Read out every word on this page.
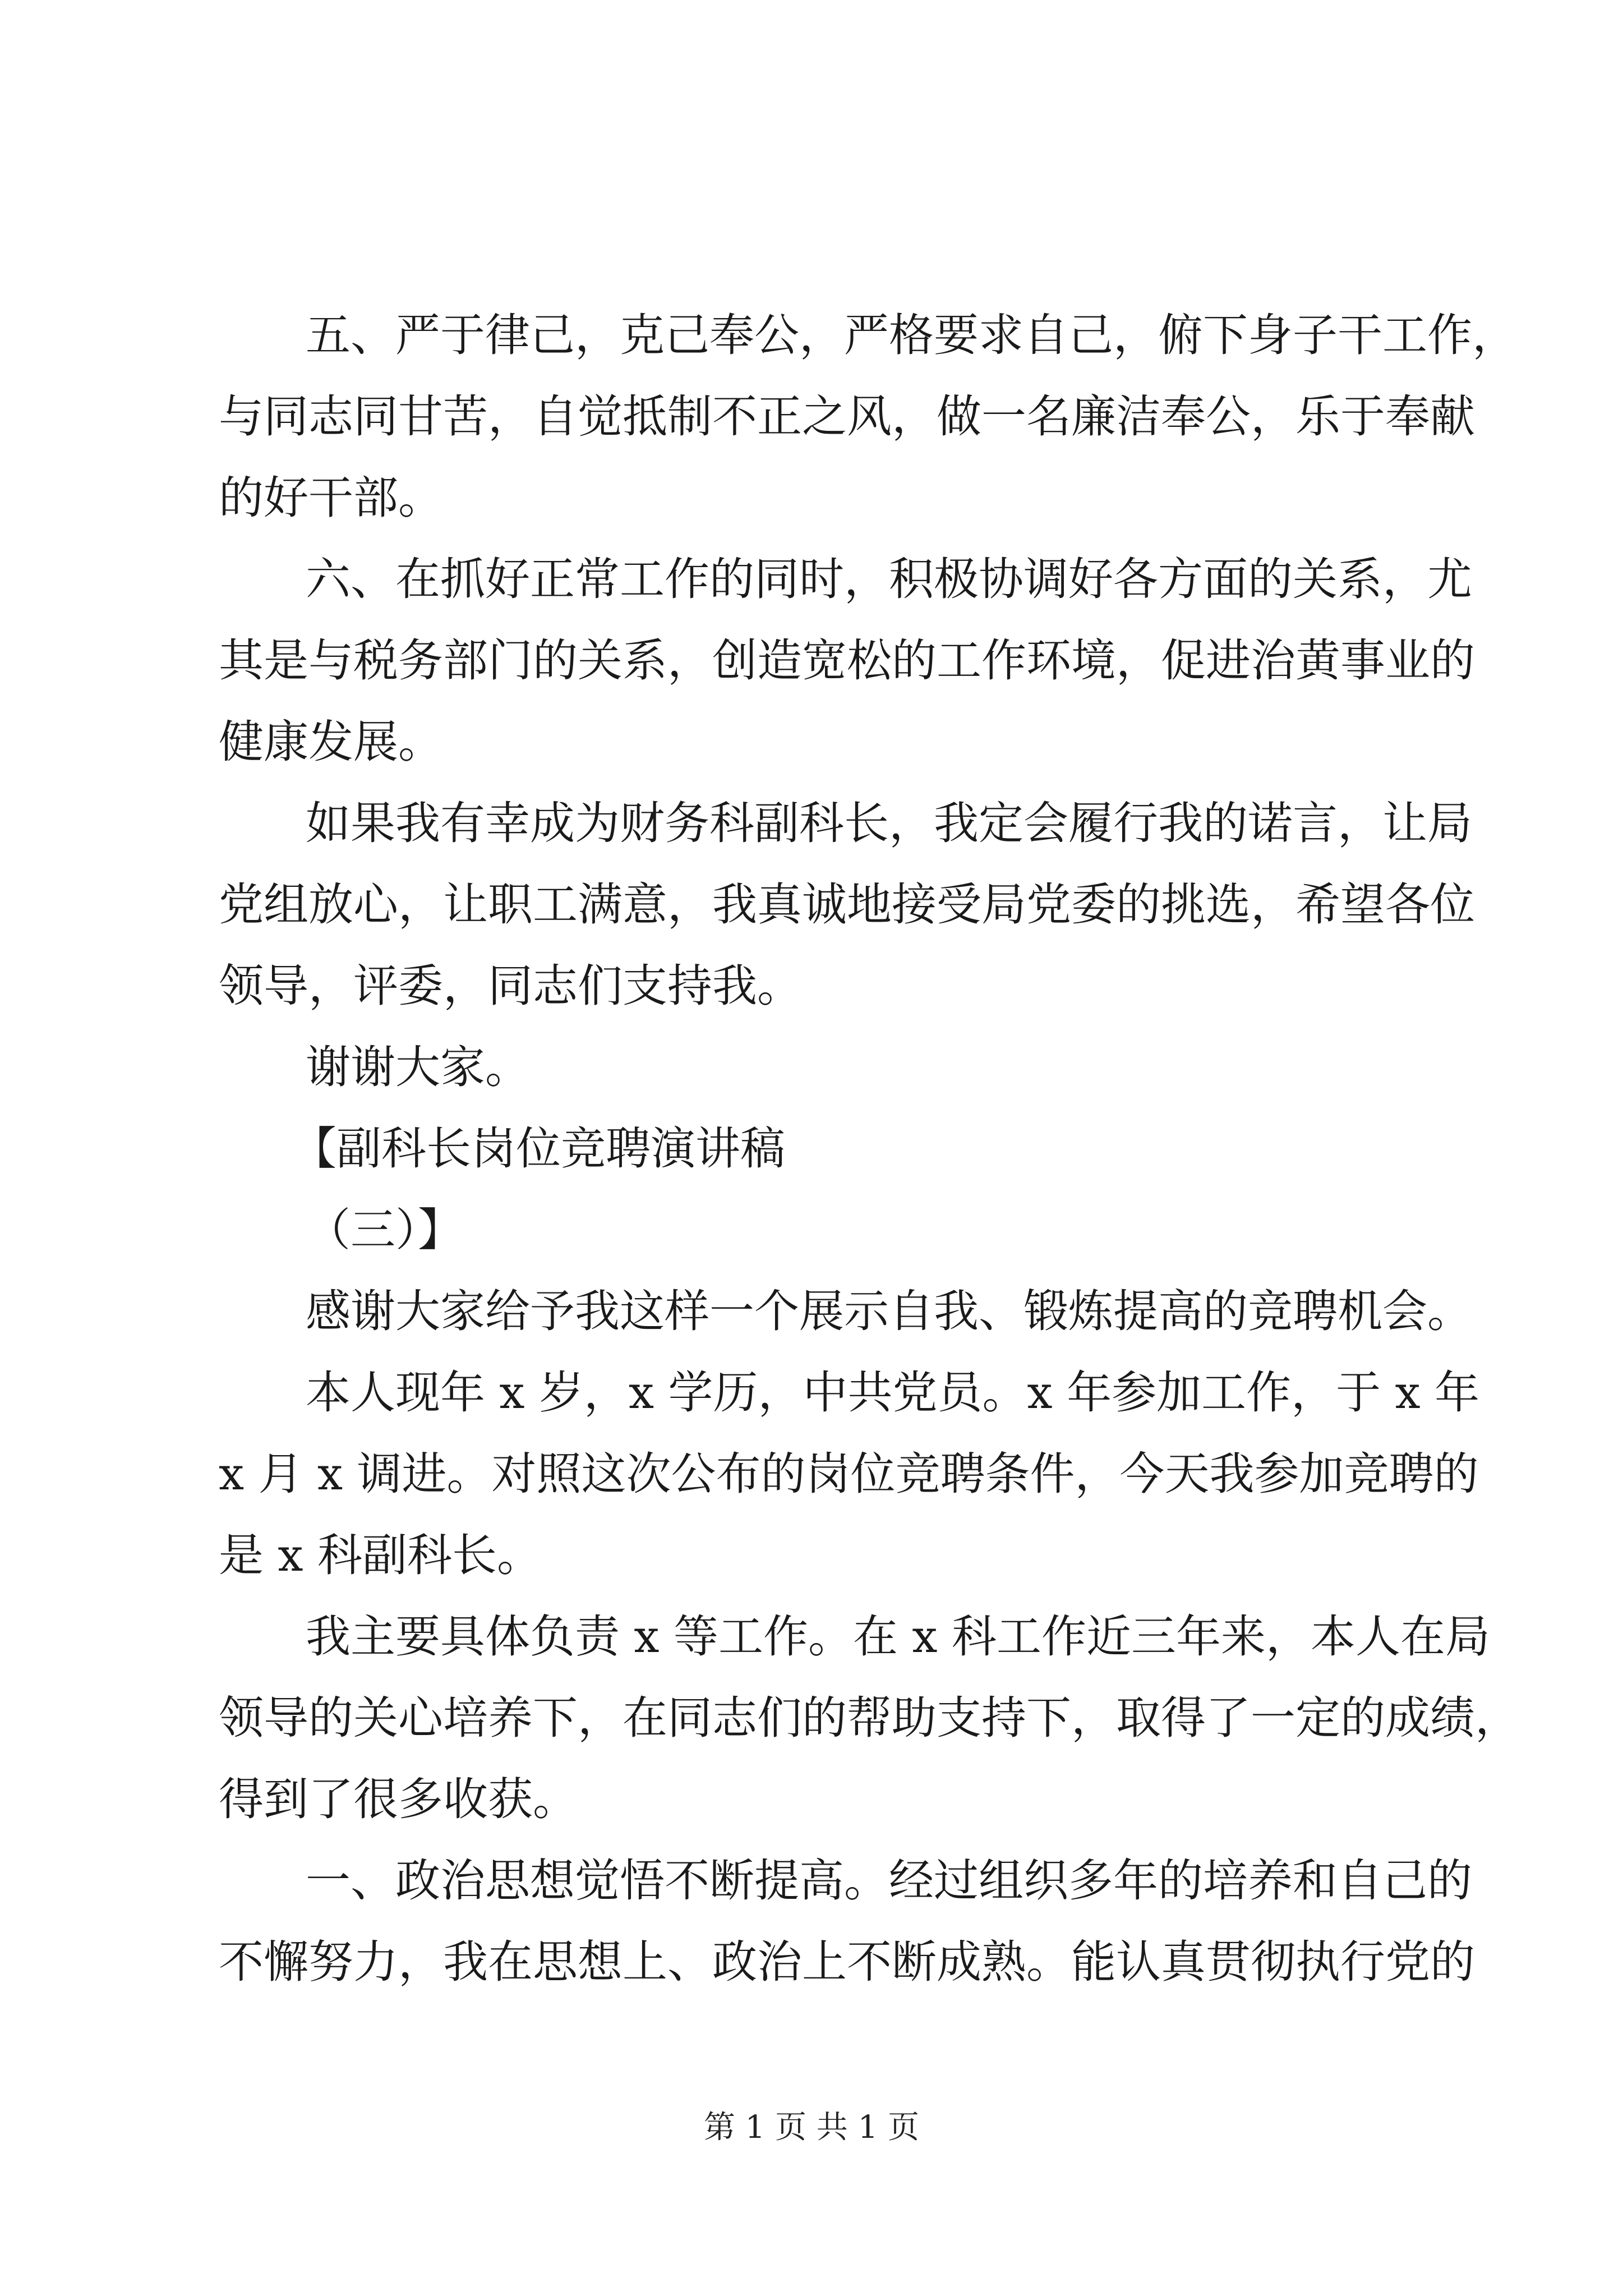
五、严于律己，克己奉公，严格要求自己，俯下身子干工作，
与同志同甘苦，自觉抵制不正之风，做一名廉洁奉公，乐于奉献
的好干部。
六、在抓好正常工作的同时，积极协调好各方面的关系，尤
其是与税务部门的关系，创造宽松的工作环境，促进治黄事业的
健康发展。
如果我有幸成为财务科副科长，我定会履行我的诺言，让局
党组放心，让职工满意，我真诚地接受局党委的挑选，希望各位
领导，评委，同志们支持我。
谢谢大家。
【副科长岗位竞聘演讲稿
（三）】
感谢大家给予我这样一个展示自我、锻炼提高的竞聘机会。
本人现年 x 岁，x 学历，中共党员。x 年参加工作，于 x 年
x 月 x 调进。对照这次公布的岗位竞聘条件，今天我参加竞聘的
是 x 科副科长。
我主要具体负责 x 等工作。在 x 科工作近三年来，本人在局
领导的关心培养下，在同志们的帮助支持下，取得了一定的成绩，
得到了很多收获。
一、政治思想觉悟不断提高。经过组织多年的培养和自己的
不懈努力，我在思想上、政治上不断成熟。能认真贯彻执行党的
第 1 页 共 1 页
